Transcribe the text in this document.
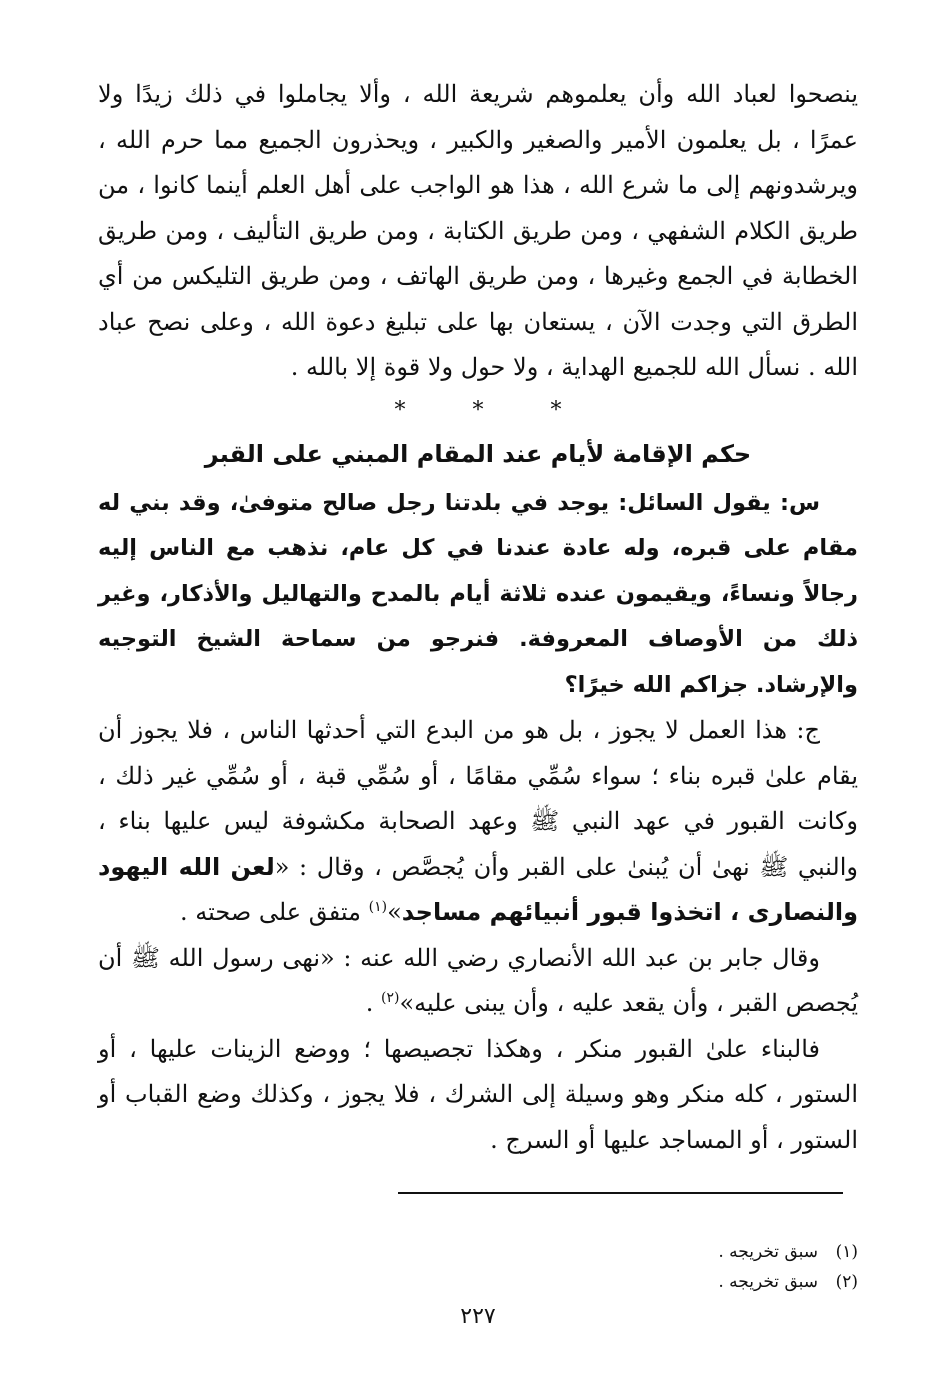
ينصحوا لعباد الله وأن يعلموهم شريعة الله ، وألا يجاملوا في ذلك زيدًا ولا عمرًا ، بل يعلمون الأمير والصغير والكبير ، ويحذرون الجميع مما حرم الله ، ويرشدونهم إلى ما شرع الله ، هذا هو الواجب على أهل العلم أينما كانوا ، من طريق الكلام الشفهي ، ومن طريق الكتابة ، ومن طريق التأليف ، ومن طريق الخطابة في الجمع وغيرها ، ومن طريق الهاتف ، ومن طريق التليكس من أي الطرق التي وجدت الآن ، يستعان بها على تبليغ دعوة الله ، وعلى نصح عباد الله . نسأل الله للجميع الهداية ، ولا حول ولا قوة إلا بالله .

* * *

حكم الإقامة لأيام عند المقام المبني على القبر

س: يقول السائل: يوجد في بلدتنا رجل صالح متوفىٰ، وقد بني له مقام على قبره، وله عادة عندنا في كل عام، نذهب مع الناس إليه رجالاً ونساءً، ويقيمون عنده ثلاثة أيام بالمدح والتهاليل والأذكار، وغير ذلك من الأوصاف المعروفة. فنرجو من سماحة الشيخ التوجيه والإرشاد. جزاكم الله خيرًا؟

ج: هذا العمل لا يجوز ، بل هو من البدع التي أحدثها الناس ، فلا يجوز أن يقام علىٰ قبره بناء ؛ سواء سُمِّي مقامًا ، أو سُمِّي قبة ، أو سُمِّي غير ذلك ، وكانت القبور في عهد النبي ﷺ وعهد الصحابة مكشوفة ليس عليها بناء ، والنبي ﷺ نهىٰ أن يُبنىٰ على القبر وأن يُجصَّص ، وقال : «لعن الله اليهود والنصارى ، اتخذوا قبور أنبيائهم مساجد»$^{(١)}$ متفق على صحته .

وقال جابر بن عبد الله الأنصاري رضي الله عنه : «نهى رسول الله ﷺ أن يُجصص القبر ، وأن يقعد عليه ، وأن يبنى عليه»$^{(٢)}$ .

فالبناء علىٰ القبور منكر ، وهكذا تجصيصها ؛ ووضع الزينات عليها ، أو الستور ، كله منكر وهو وسيلة إلى الشرك ، فلا يجوز ، وكذلك وضع القباب أو الستور ، أو المساجد عليها أو السرج .

(١)سبق تخريجه .

(٢)سبق تخريجه .

٢٢٧
